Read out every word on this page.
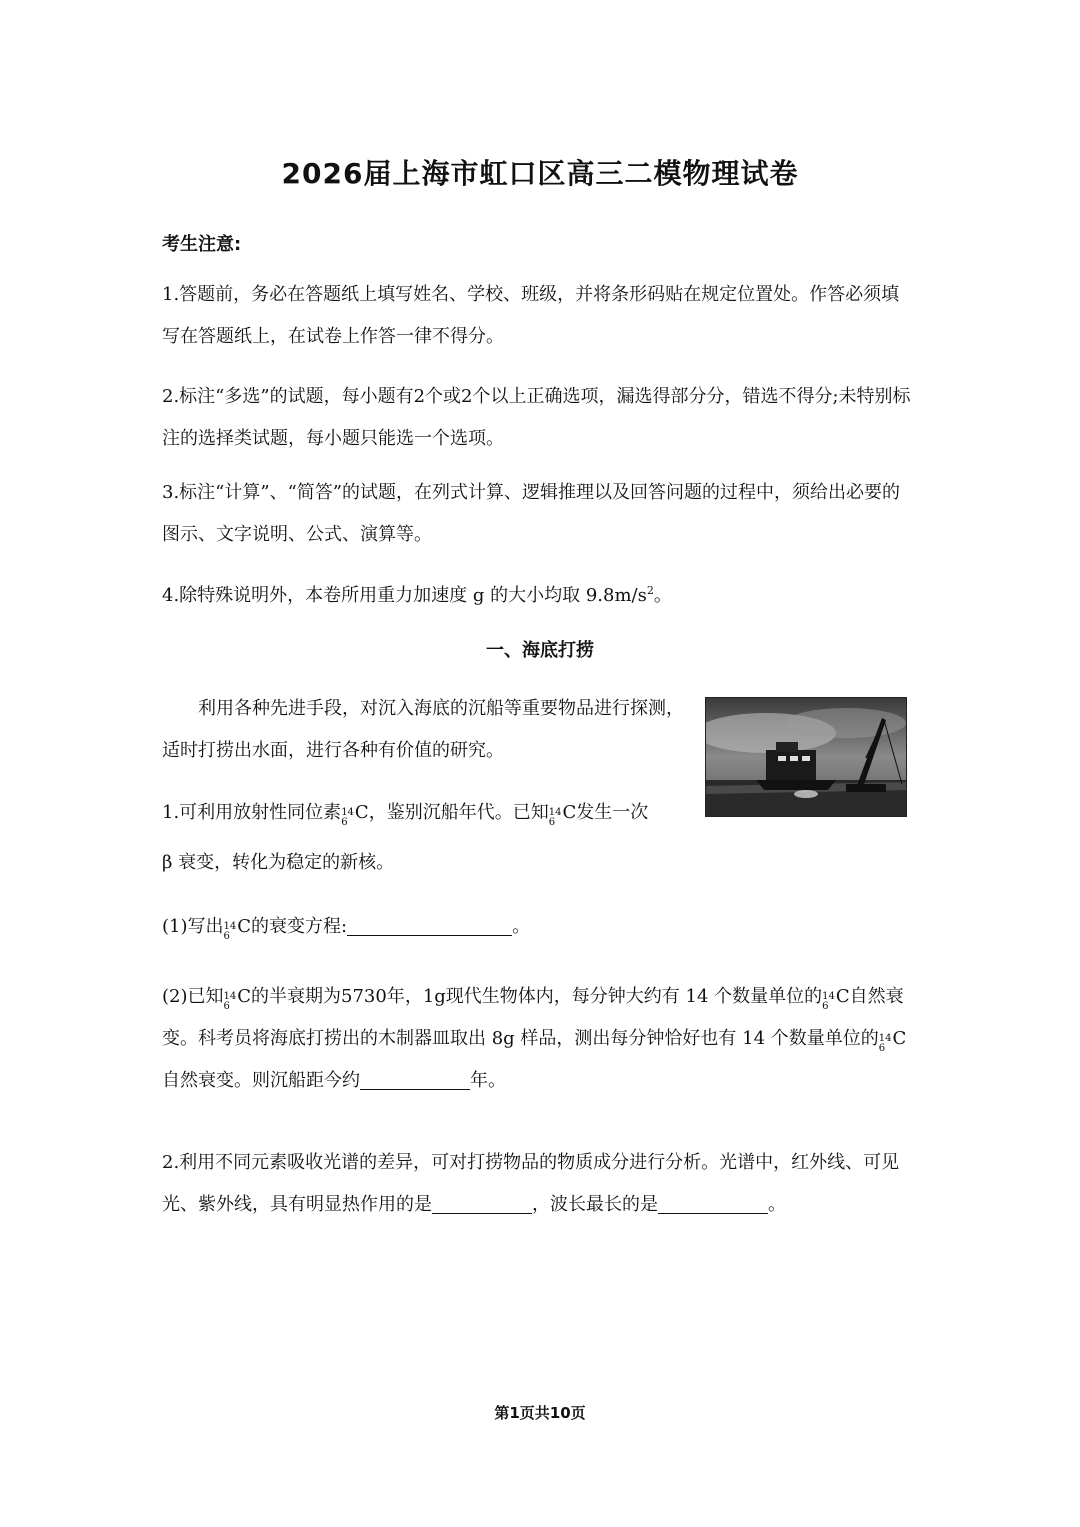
2026届上海市虹口区高三二模物理试卷
考生注意:
1.答题前，务必在答题纸上填写姓名、学校、班级，并将条形码贴在规定位置处。作答必须填写在答题纸上，在试卷上作答一律不得分。
2.标注“多选”的试题，每小题有2个或2个以上正确选项，漏选得部分分，错选不得分;未特别标注的选择类试题，每小题只能选一个选项。
3.标注“计算”、“简答”的试题，在列式计算、逻辑推理以及回答问题的过程中，须给出必要的图示、文字说明、公式、演算等。
4.除特殊说明外，本卷所用重力加速度 g 的大小均取 $9.8m/s^2$。
一、海底打捞
利用各种先进手段，对沉入海底的沉船等重要物品进行探测，适时打捞出水面，进行各种有价值的研究。
1.可利用放射性同位素 14
6 C，鉴别沉船年代。已知 14
6 C发生一次
β 衰变，转化为稳定的新核。
(1)写出 14
6 C的衰变方程:	。
(2)已知 14
6 C的半衰期为5730年，1g现代生物体内，每分钟大约有 14 个数量单位的 14
6 C自然衰变。科考员将海底打捞出的木制器皿取出 8g 样品，测出每分钟恰好也有 14 个数量单位的 14
6 C自然衰变。则沉船距今约	年。
2.利用不同元素吸收光谱的差异，可对打捞物品的物质成分进行分析。光谱中，红外线、可见光、紫外线，具有明显热作用的是	，波长最长的是	。
第1页共10页
